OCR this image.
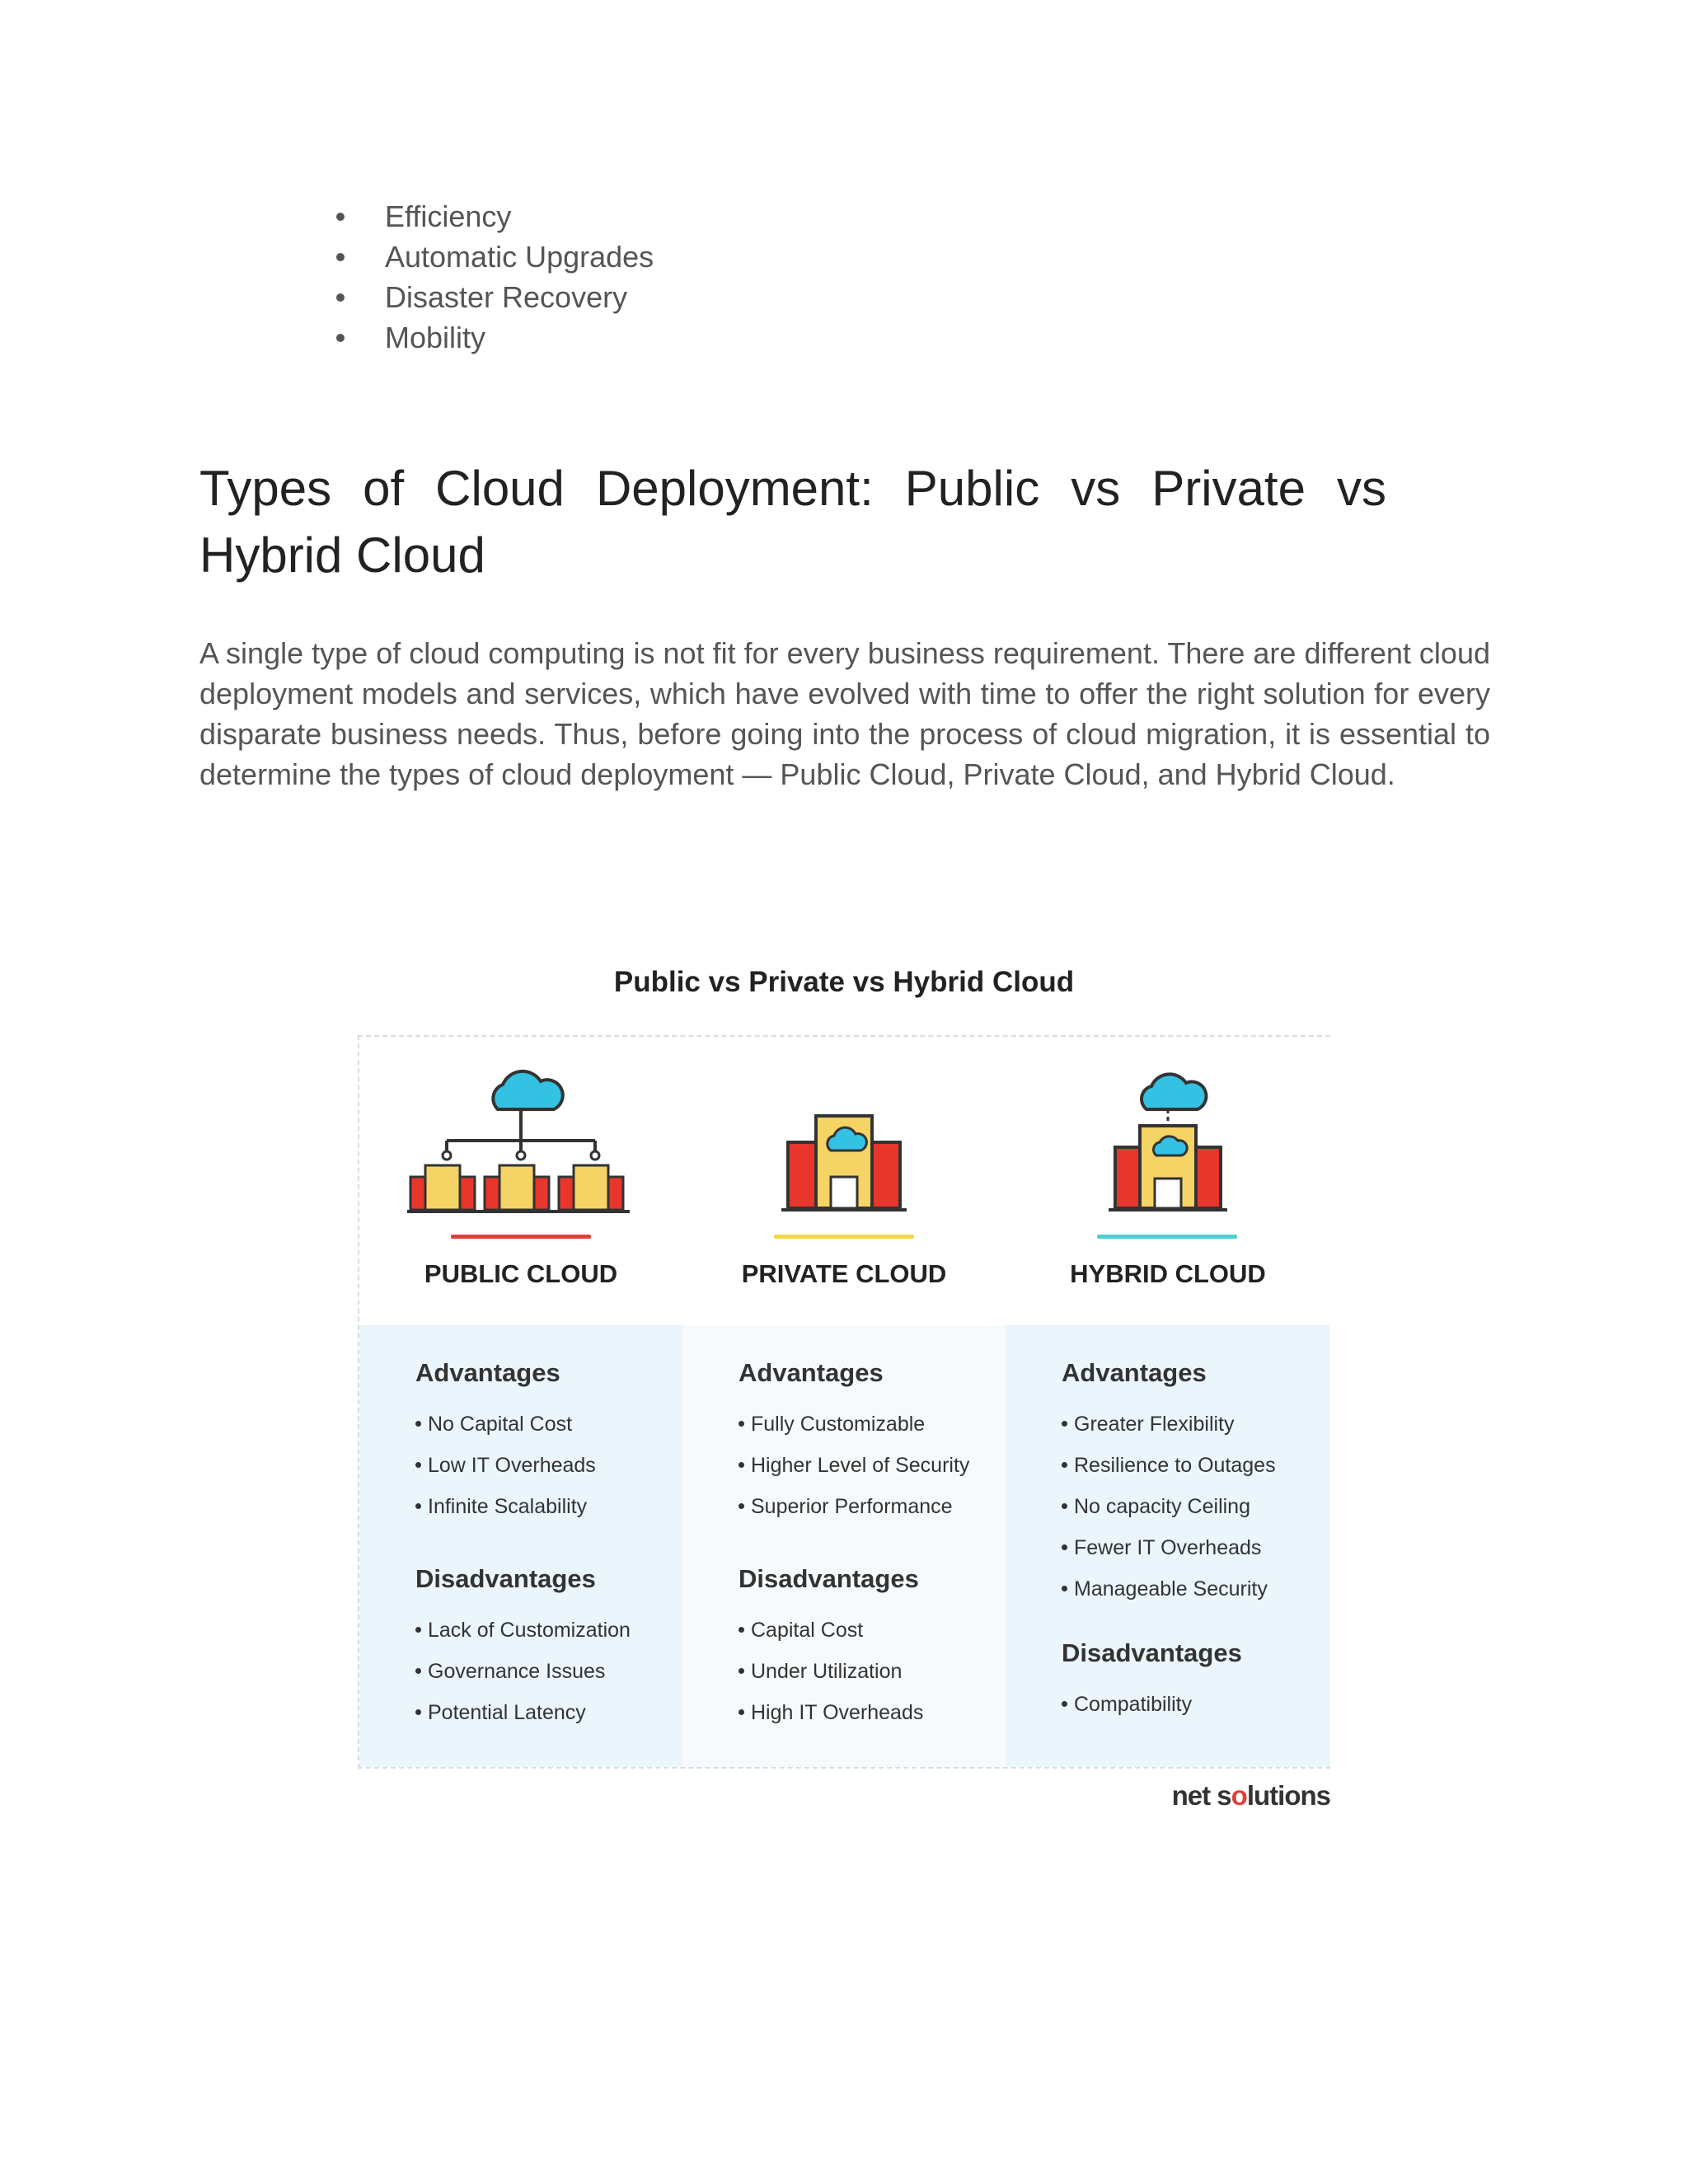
Efficiency
Automatic Upgrades
Disaster Recovery
Mobility
Types of Cloud Deployment: Public vs Private vs Hybrid Cloud

A single type of cloud computing is not fit for every business requirement. There are different cloud deployment models and services, which have evolved with time to offer the right solution for every disparate business needs. Thus, before going into the process of cloud migration, it is essential to determine the types of cloud deployment — Public Cloud, Private Cloud, and Hybrid Cloud.

Public vs Private vs Hybrid Cloud
PUBLIC CLOUD
Advantages
No Capital Cost
Low IT Overheads
Infinite Scalability
Disadvantages
Lack of Customization
Governance Issues
Potential Latency
PRIVATE CLOUD
Advantages
Fully Customizable
Higher Level of Security
Superior Performance
Disadvantages
Capital Cost
Under Utilization
High IT Overheads
HYBRID CLOUD
Advantages
Greater Flexibility
Resilience to Outages
No capacity Ceiling
Fewer IT Overheads
Manageable Security
Disadvantages
Compatibility
net solutions
